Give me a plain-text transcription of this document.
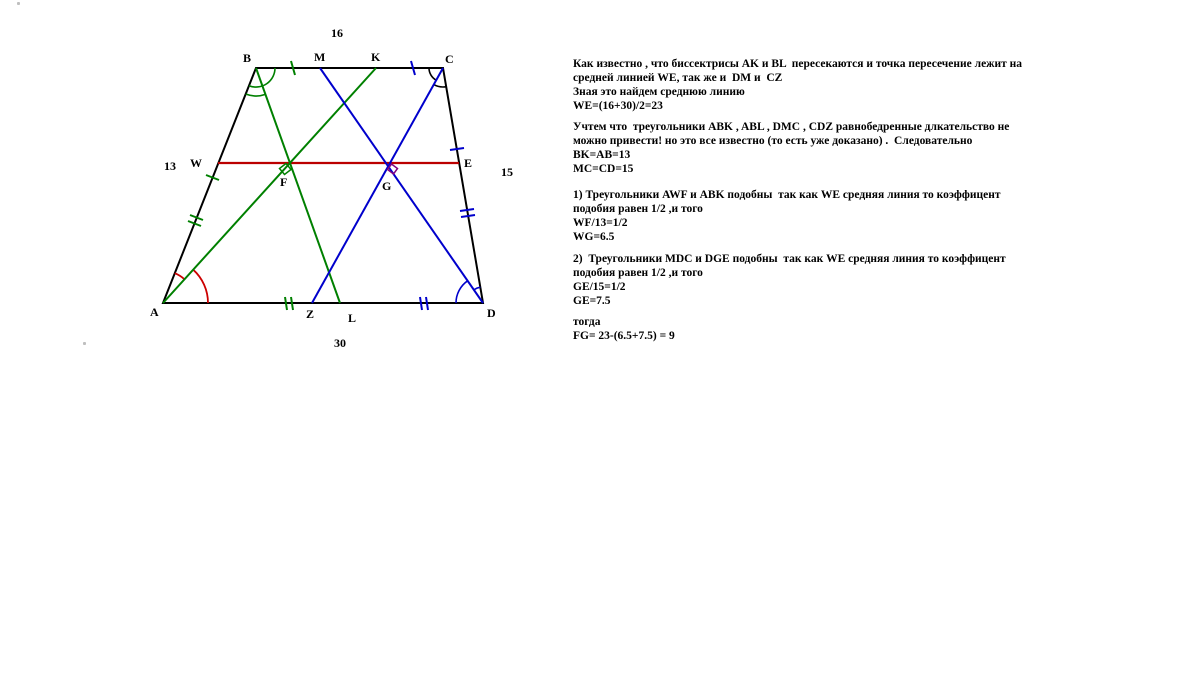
B	M	K	C
W	E
F	G
A	Z	L	D
16
13	15
30
Как известно , что биссектрисы AK и BL  пересекаются и точка пересечение лежит на
средней линией WE, так же и  DM и  CZ
Зная это найдем среднюю линию
WE=(16+30)/2=23
Учтем что  треугольники ABK , ABL , DMC , CDZ равнобедренные длкательство не
можно привести! но это все известно (то есть уже доказано) .  Следовательно
BK=AB=13
MC=CD=15
1) Треугольники AWF и ABK подобны  так как WE средняя линия то коэффицент
подобия равен 1/2 ,и того
WF/13=1/2
WG=6.5
2)  Треугольники MDC и DGE подобны  так как WE средняя линия то коэффицент
подобия равен 1/2 ,и того
GE/15=1/2
GE=7.5
тогда
FG= 23-(6.5+7.5) = 9
